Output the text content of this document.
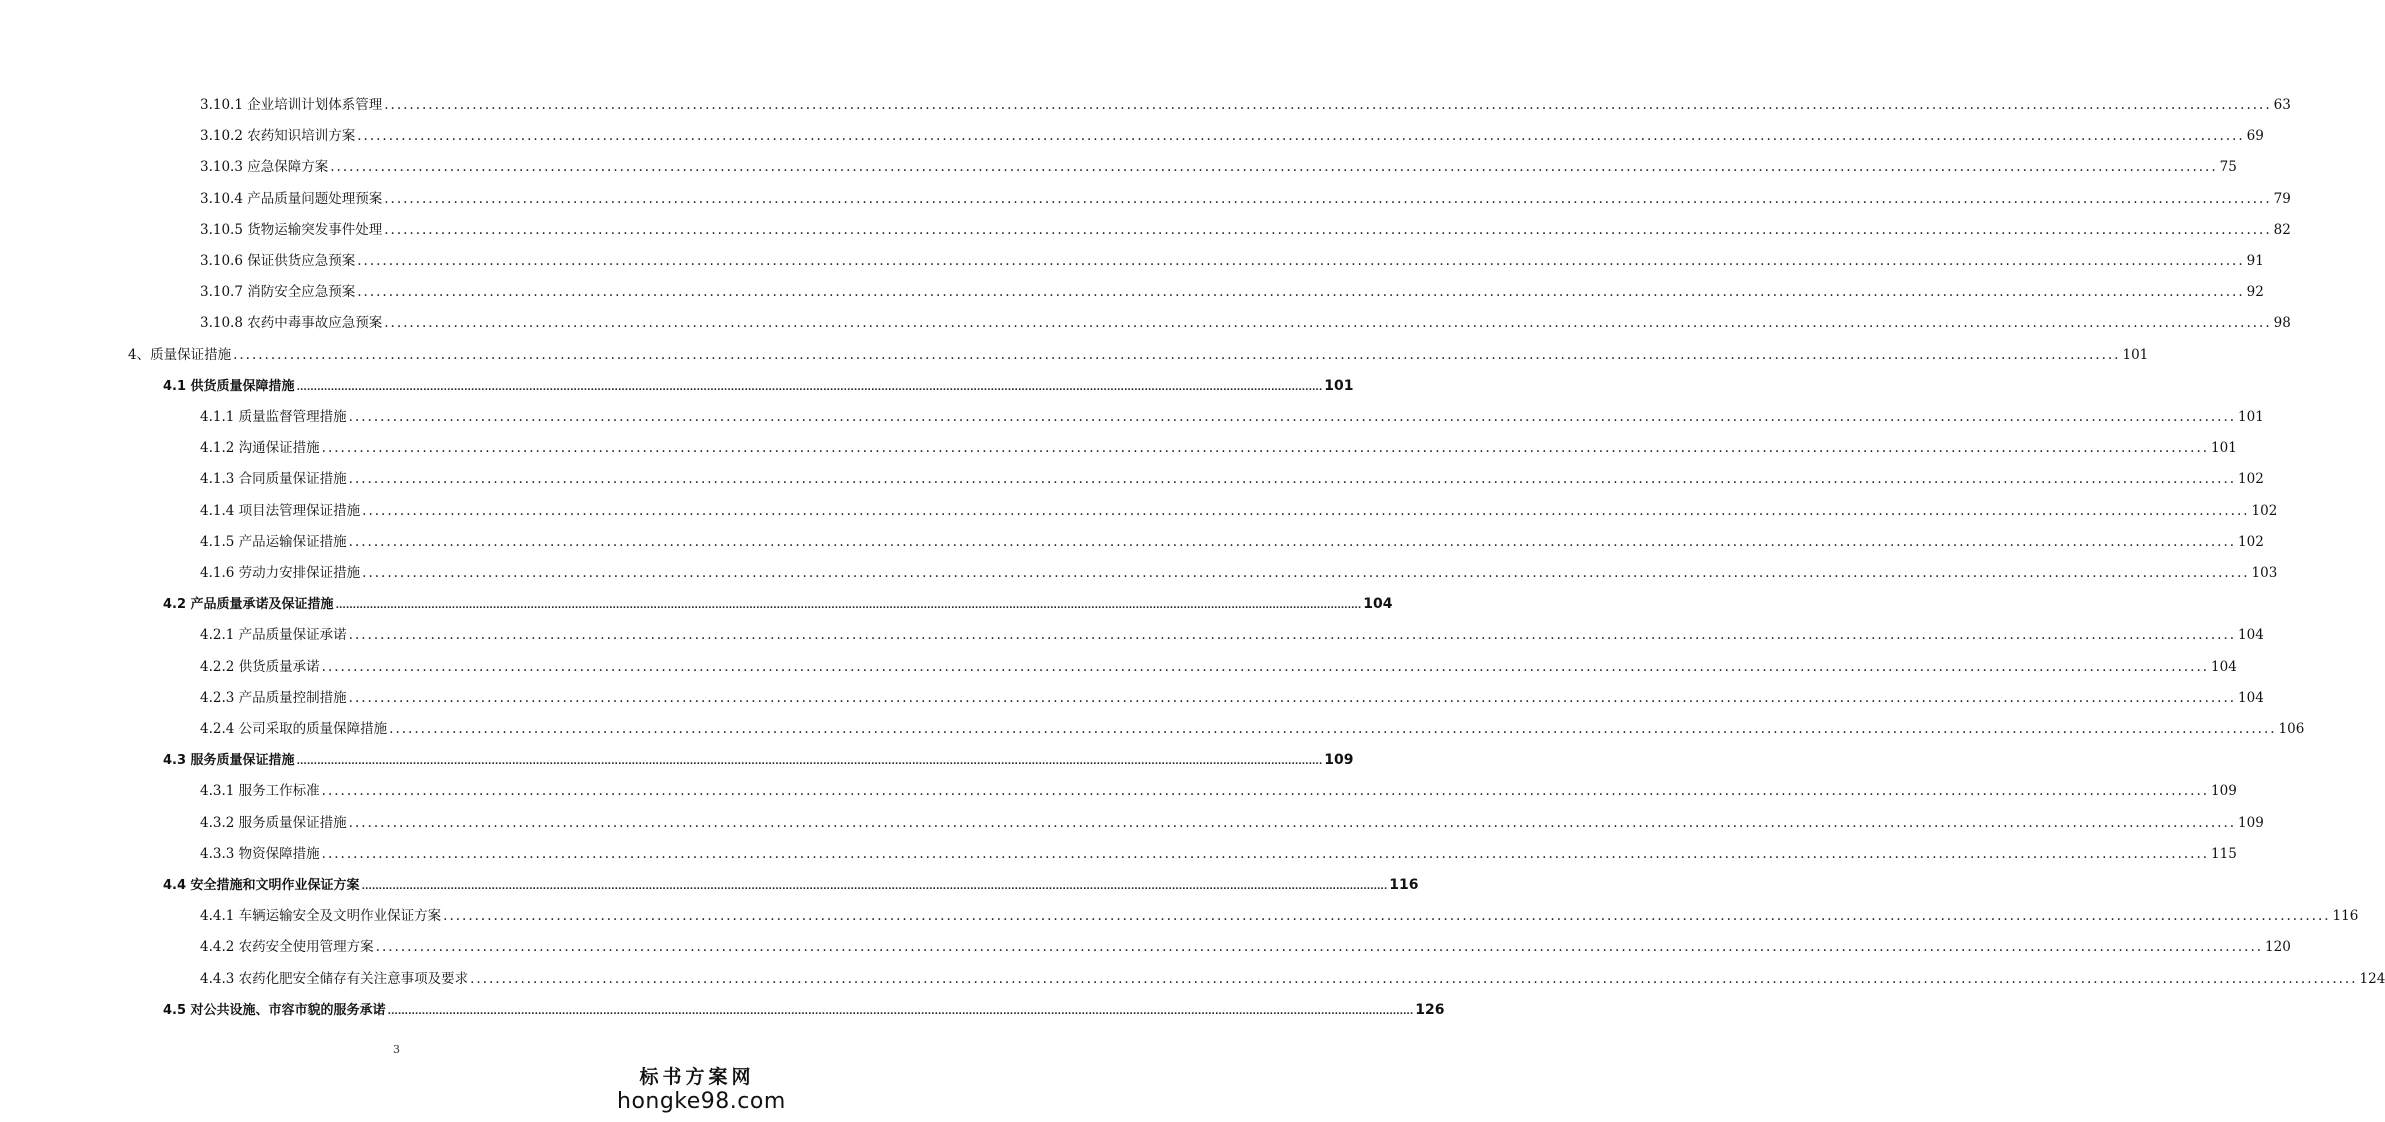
3.10.1 企业培训计划体系管理 ............................................................................................................................................................................................................................................................................................................ 63
3.10.2 农药知识培训方案 ............................................................................................................................................................................................................................................................................................................ 69
3.10.3 应急保障方案 ............................................................................................................................................................................................................................................................................................................ 75
3.10.4 产品质量问题处理预案 ............................................................................................................................................................................................................................................................................................................ 79
3.10.5 货物运输突发事件处理 ............................................................................................................................................................................................................................................................................................................ 82
3.10.6 保证供货应急预案 ............................................................................................................................................................................................................................................................................................................ 91
3.10.7 消防安全应急预案 ............................................................................................................................................................................................................................................................................................................ 92
3.10.8 农药中毒事故应急预案 ............................................................................................................................................................................................................................................................................................................ 98
4、质量保证措施 ............................................................................................................................................................................................................................................................................................................ 101
4.1 供货质量保障措施 ............................................................................................................................................................................................................................................................................................................ 101
4.1.1 质量监督管理措施 ............................................................................................................................................................................................................................................................................................................ 101
4.1.2 沟通保证措施 ............................................................................................................................................................................................................................................................................................................ 101
4.1.3 合同质量保证措施 ............................................................................................................................................................................................................................................................................................................ 102
4.1.4 项目法管理保证措施 ............................................................................................................................................................................................................................................................................................................ 102
4.1.5 产品运输保证措施 ............................................................................................................................................................................................................................................................................................................ 102
4.1.6 劳动力安排保证措施 ............................................................................................................................................................................................................................................................................................................ 103
4.2 产品质量承诺及保证措施 ............................................................................................................................................................................................................................................................................................................ 104
4.2.1 产品质量保证承诺 ............................................................................................................................................................................................................................................................................................................ 104
4.2.2 供货质量承诺 ............................................................................................................................................................................................................................................................................................................ 104
4.2.3 产品质量控制措施 ............................................................................................................................................................................................................................................................................................................ 104
4.2.4 公司采取的质量保障措施 ............................................................................................................................................................................................................................................................................................................ 106
4.3 服务质量保证措施 ............................................................................................................................................................................................................................................................................................................ 109
4.3.1 服务工作标准 ............................................................................................................................................................................................................................................................................................................ 109
4.3.2 服务质量保证措施 ............................................................................................................................................................................................................................................................................................................ 109
4.3.3 物资保障措施 ............................................................................................................................................................................................................................................................................................................ 115
4.4 安全措施和文明作业保证方案 ............................................................................................................................................................................................................................................................................................................ 116
4.4.1 车辆运输安全及文明作业保证方案 ............................................................................................................................................................................................................................................................................................................ 116
4.4.2 农药安全使用管理方案 ............................................................................................................................................................................................................................................................................................................ 120
4.4.3 农药化肥安全储存有关注意事项及要求 ............................................................................................................................................................................................................................................................................................................ 124
4.5 对公共设施、市容市貌的服务承诺 ............................................................................................................................................................................................................................................................................................................ 126
3
标书方案网
hongke98.com
